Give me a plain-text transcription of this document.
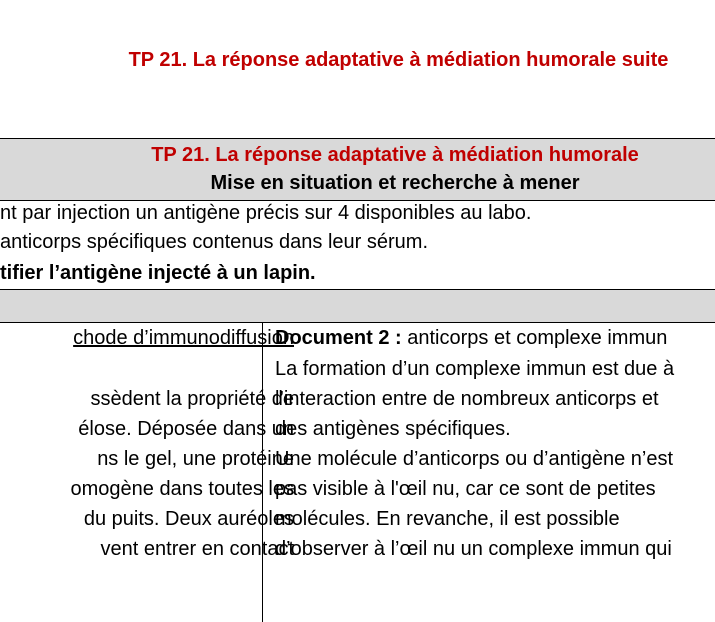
TP 21. La réponse adaptative à médiation humorale suite
TP 21. La réponse adaptative à médiation humorale
Mise en situation et recherche à mener
nt par injection un antigène précis sur 4 disponibles au labo.
anticorps spécifiques contenus dans leur sérum.
tifier l’antigène injecté à un lapin.
chode d’immunodiffusion
ssèdent la propriété de
élose. Déposée dans un
ns le gel, une protéine
omogène dans toutes les
du puits. Deux auréoles
vent entrer en contact
Document 2 : anticorps et complexe immun
La formation d’un complexe immun est due à
l’interaction entre de nombreux anticorps et
des antigènes spécifiques.
Une molécule d’anticorps ou d’antigène n’est
pas visible à l'œil nu, car ce sont de petites
molécules. En revanche, il est possible
d’observer à l’œil nu un complexe immun qui
